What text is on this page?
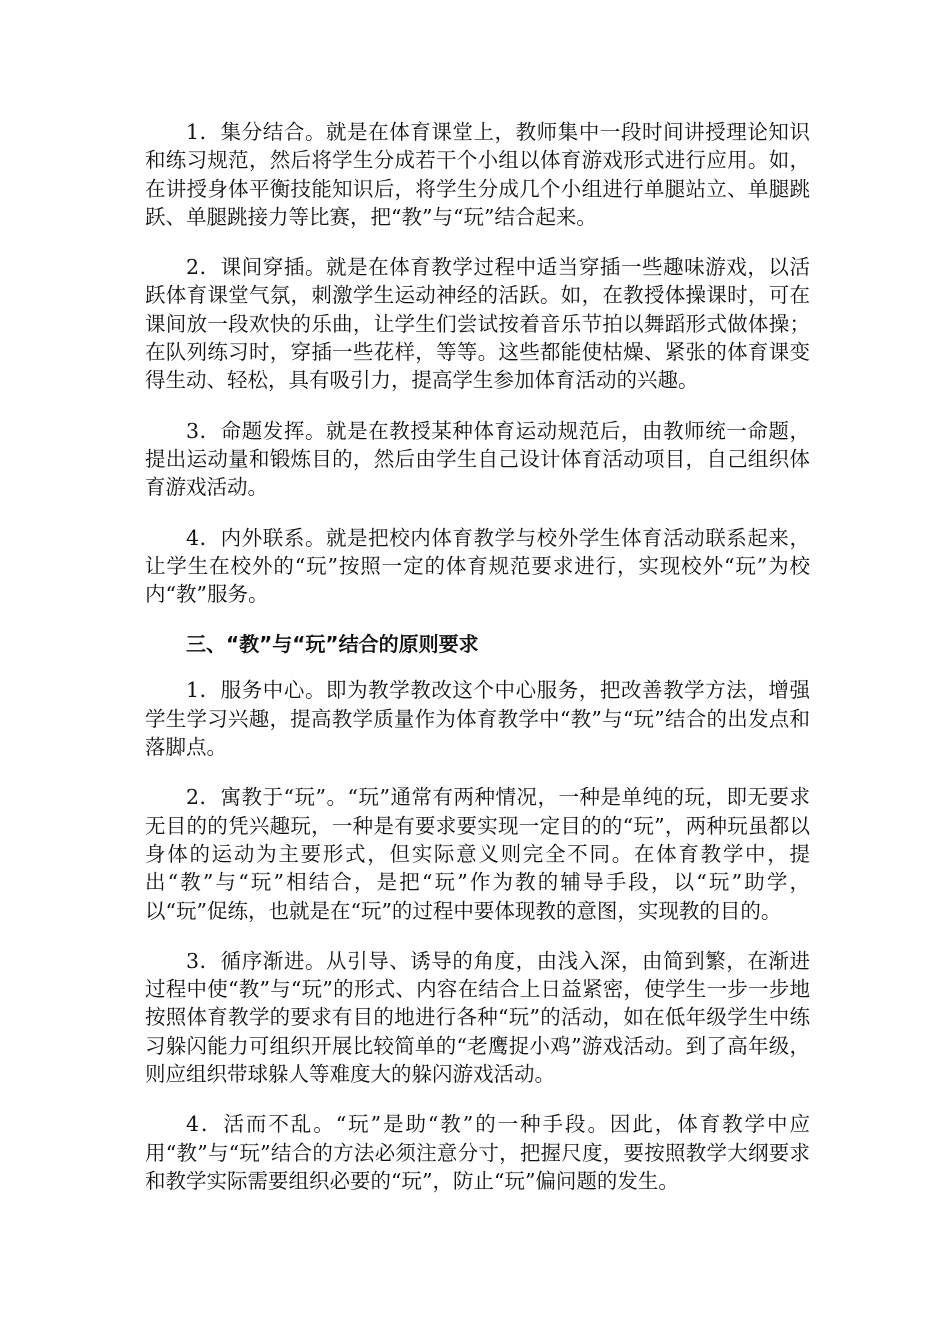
1．集分结合。就是在体育课堂上，教师集中一段时间讲授理论知识和练习规范，然后将学生分成若干个小组以体育游戏形式进行应用。如，在讲授身体平衡技能知识后，将学生分成几个小组进行单腿站立、单腿跳跃、单腿跳接力等比赛，把“教”与“玩”结合起来。

2．课间穿插。就是在体育教学过程中适当穿插一些趣味游戏，以活跃体育课堂气氛，刺激学生运动神经的活跃。如，在教授体操课时，可在课间放一段欢快的乐曲，让学生们尝试按着音乐节拍以舞蹈形式做体操；在队列练习时，穿插一些花样，等等。这些都能使枯燥、紧张的体育课变得生动、轻松，具有吸引力，提高学生参加体育活动的兴趣。

3．命题发挥。就是在教授某种体育运动规范后，由教师统一命题，提出运动量和锻炼目的，然后由学生自己设计体育活动项目，自己组织体育游戏活动。

4．内外联系。就是把校内体育教学与校外学生体育活动联系起来，让学生在校外的“玩”按照一定的体育规范要求进行，实现校外“玩”为校内“教”服务。

三、“教”与“玩”结合的原则要求

1．服务中心。即为教学教改这个中心服务，把改善教学方法，增强学生学习兴趣，提高教学质量作为体育教学中“教”与“玩”结合的出发点和落脚点。

2．寓教于“玩”。“玩”通常有两种情况，一种是单纯的玩，即无要求无目的的凭兴趣玩，一种是有要求要实现一定目的的“玩”，两种玩虽都以身体的运动为主要形式，但实际意义则完全不同。在体育教学中，提出“教”与“玩”相结合，是把“玩”作为教的辅导手段，以“玩”助学，以“玩”促练，也就是在“玩”的过程中要体现教的意图，实现教的目的。

3．循序渐进。从引导、诱导的角度，由浅入深，由简到繁，在渐进过程中使“教”与“玩”的形式、内容在结合上日益紧密，使学生一步一步地按照体育教学的要求有目的地进行各种“玩”的活动，如在低年级学生中练习躲闪能力可组织开展比较简单的“老鹰捉小鸡”游戏活动。到了高年级，则应组织带球躲人等难度大的躲闪游戏活动。

4．活而不乱。“玩”是助“教”的一种手段。因此，体育教学中应用“教”与“玩”结合的方法必须注意分寸，把握尺度，要按照教学大纲要求和教学实际需要组织必要的“玩”，防止“玩”偏问题的发生。
